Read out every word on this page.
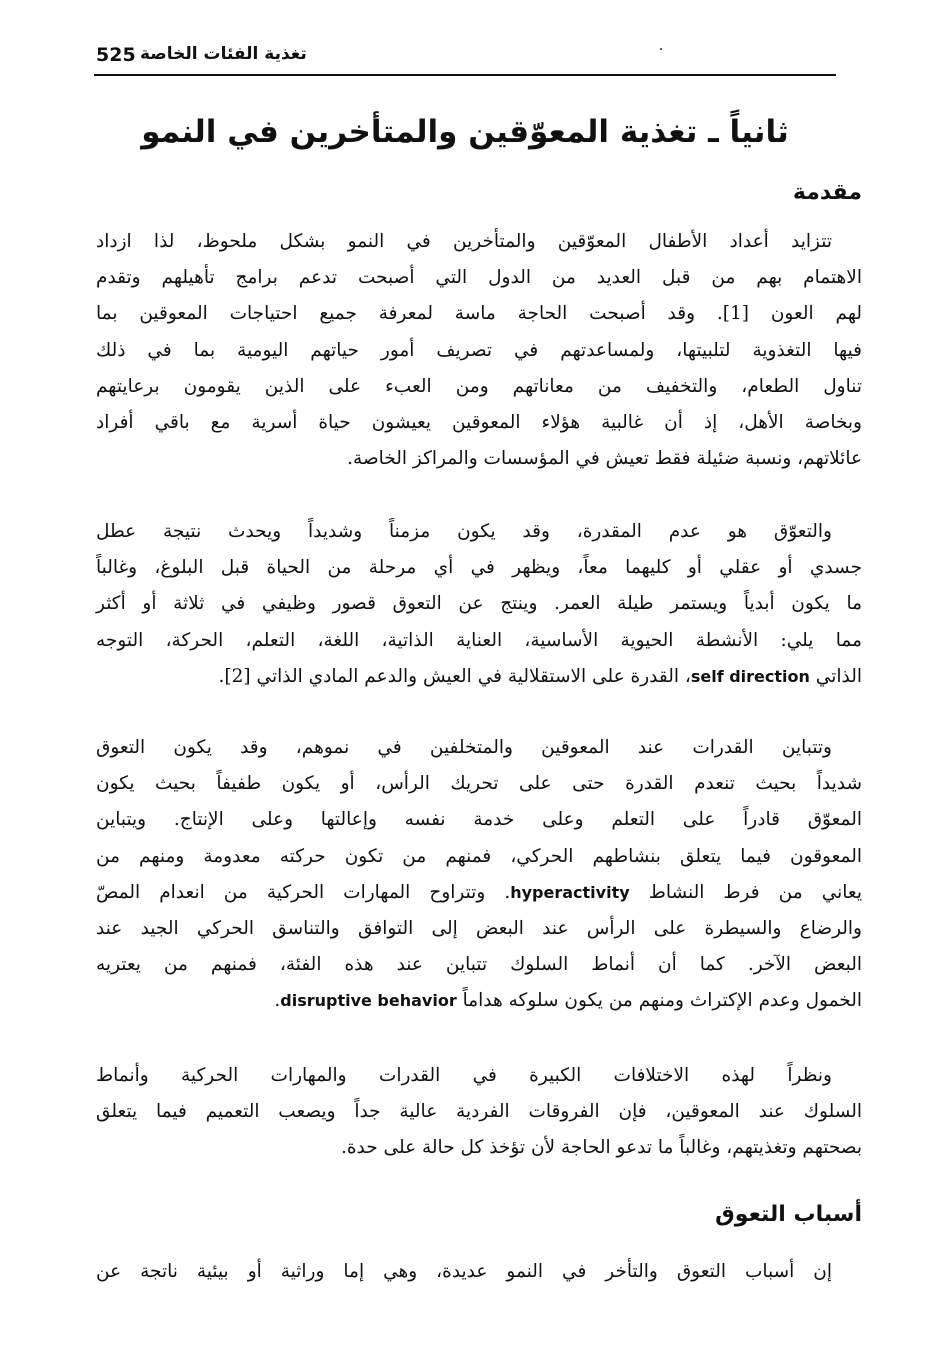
525 تغذية الفئات الخاصة
ثانياً ـ تغذية المعوّقين والمتأخرين في النمو
مقدمة
تتزايد أعداد الأطفال المعوّقين والمتأخرين في النمو بشكل ملحوظ، لذا ازداد
الاهتمام بهم من قبل العديد من الدول التي أصبحت تدعم برامج تأهيلهم وتقدم
لهم العون [1]. وقد أصبحت الحاجة ماسة لمعرفة جميع احتياجات المعوقين بما
فيها التغذوية لتلبيتها، ولمساعدتهم في تصريف أمور حياتهم اليومية بما في ذلك
تناول الطعام، والتخفيف من معاناتهم ومن العبء على الذين يقومون برعايتهم
وبخاصة الأهل، إذ أن غالبية هؤلاء المعوقين يعيشون حياة أسرية مع باقي أفراد
عائلاتهم، ونسبة ضئيلة فقط تعيش في المؤسسات والمراكز الخاصة.
والتعوّق هو عدم المقدرة، وقد يكون مزمناً وشديداً ويحدث نتيجة عطل
جسدي أو عقلي أو كليهما معاً، ويظهر في أي مرحلة من الحياة قبل البلوغ، وغالباً
ما يكون أبدياً ويستمر طيلة العمر. وينتج عن التعوق قصور وظيفي في ثلاثة أو أكثر
مما يلي: الأنشطة الحيوية الأساسية، العناية الذاتية، اللغة، التعلم، الحركة، التوجه
الذاتي self direction، القدرة على الاستقلالية في العيش والدعم المادي الذاتي [2].
وتتباين القدرات عند المعوقين والمتخلفين في نموهم، وقد يكون التعوق
شديداً بحيث تنعدم القدرة حتى على تحريك الرأس، أو يكون طفيفاً بحيث يكون
المعوّق قادراً على التعلم وعلى خدمة نفسه وإعالتها وعلى الإنتاج. ويتباين
المعوقون فيما يتعلق بنشاطهم الحركي، فمنهم من تكون حركته معدومة ومنهم من
يعاني من فرط النشاط hyperactivity. وتتراوح المهارات الحركية من انعدام المصّ
والرضاع والسيطرة على الرأس عند البعض إلى التوافق والتناسق الحركي الجيد عند
البعض الآخر. كما أن أنماط السلوك تتباين عند هذه الفئة، فمنهم من يعتريه
الخمول وعدم الإكتراث ومنهم من يكون سلوكه هداماً disruptive behavior.
ونظراً لهذه الاختلافات الكبيرة في القدرات والمهارات الحركية وأنماط
السلوك عند المعوقين، فإن الفروقات الفردية عالية جداً ويصعب التعميم فيما يتعلق
بصحتهم وتغذيتهم، وغالباً ما تدعو الحاجة لأن تؤخذ كل حالة على حدة.
أسباب التعوق
إن أسباب التعوق والتأخر في النمو عديدة، وهي إما وراثية أو بيئية ناتجة عن
